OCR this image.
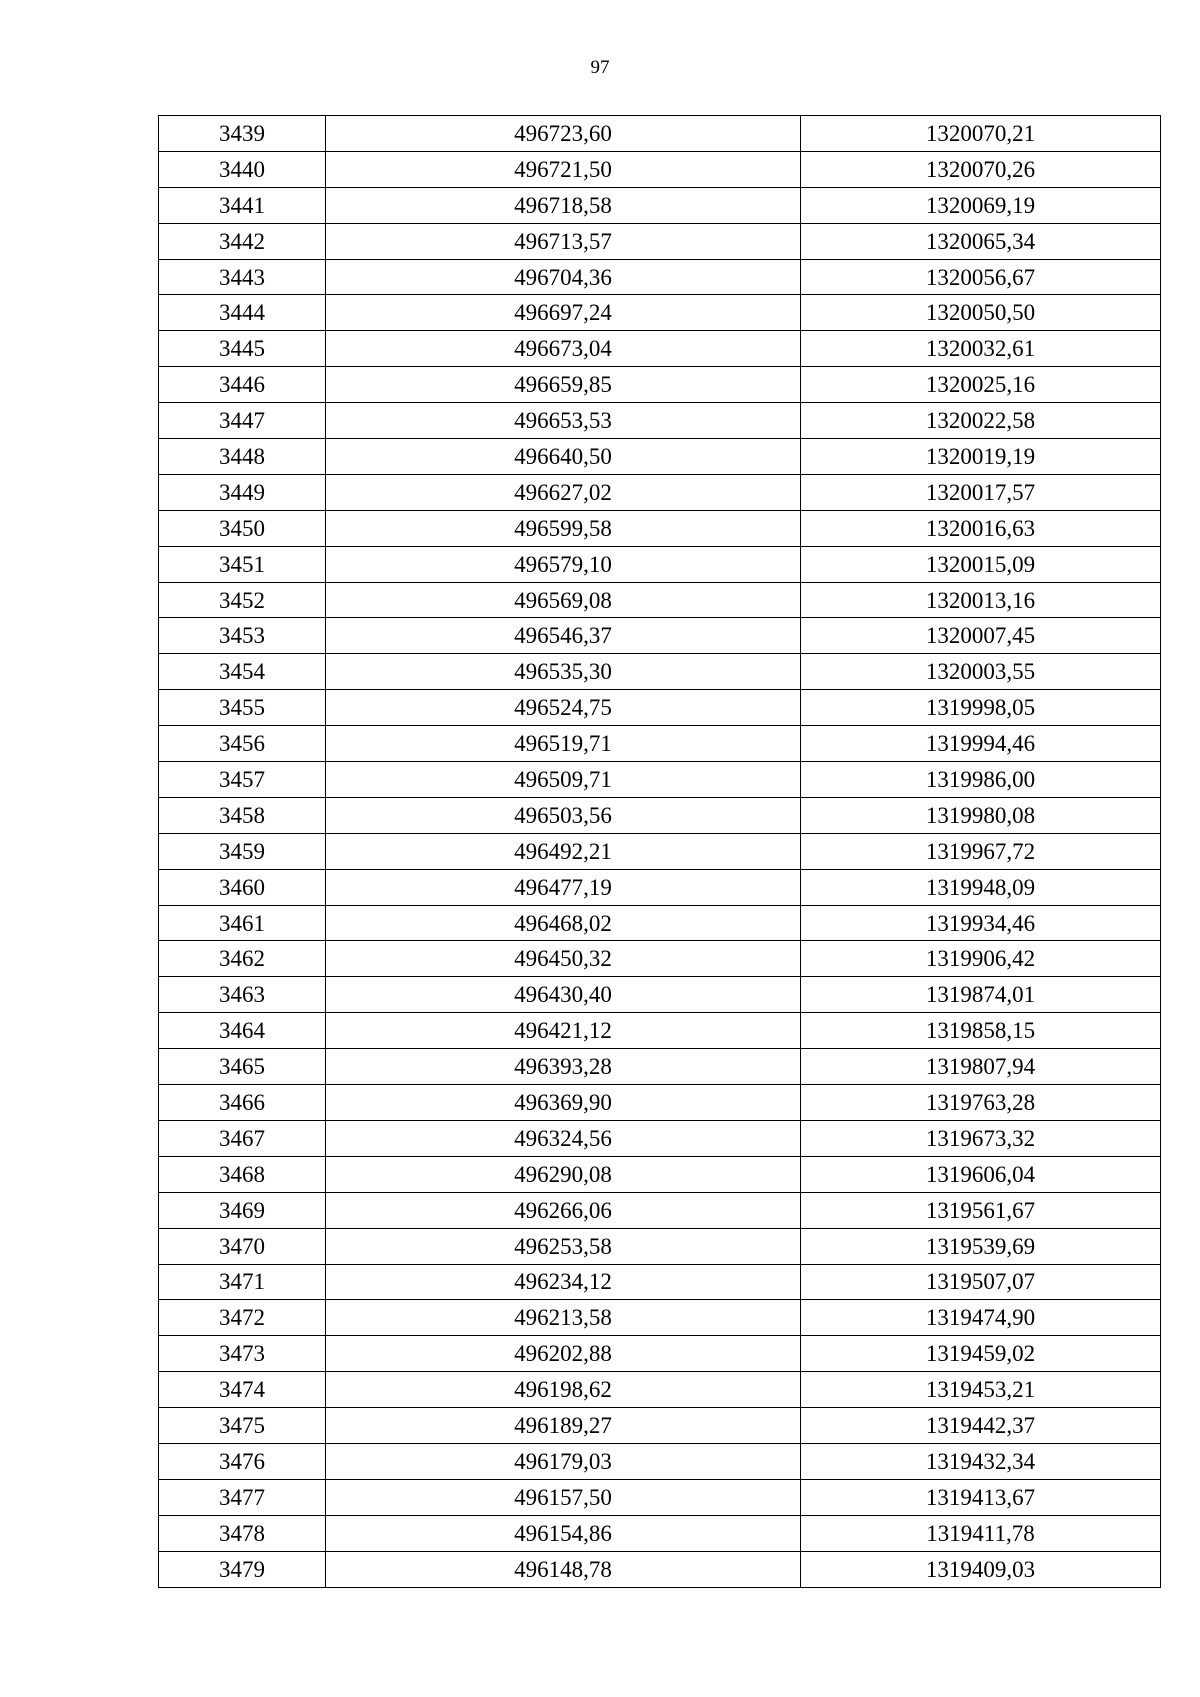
97
3439	496723,60	1320070,21
3440	496721,50	1320070,26
3441	496718,58	1320069,19
3442	496713,57	1320065,34
3443	496704,36	1320056,67
3444	496697,24	1320050,50
3445	496673,04	1320032,61
3446	496659,85	1320025,16
3447	496653,53	1320022,58
3448	496640,50	1320019,19
3449	496627,02	1320017,57
3450	496599,58	1320016,63
3451	496579,10	1320015,09
3452	496569,08	1320013,16
3453	496546,37	1320007,45
3454	496535,30	1320003,55
3455	496524,75	1319998,05
3456	496519,71	1319994,46
3457	496509,71	1319986,00
3458	496503,56	1319980,08
3459	496492,21	1319967,72
3460	496477,19	1319948,09
3461	496468,02	1319934,46
3462	496450,32	1319906,42
3463	496430,40	1319874,01
3464	496421,12	1319858,15
3465	496393,28	1319807,94
3466	496369,90	1319763,28
3467	496324,56	1319673,32
3468	496290,08	1319606,04
3469	496266,06	1319561,67
3470	496253,58	1319539,69
3471	496234,12	1319507,07
3472	496213,58	1319474,90
3473	496202,88	1319459,02
3474	496198,62	1319453,21
3475	496189,27	1319442,37
3476	496179,03	1319432,34
3477	496157,50	1319413,67
3478	496154,86	1319411,78
3479	496148,78	1319409,03
